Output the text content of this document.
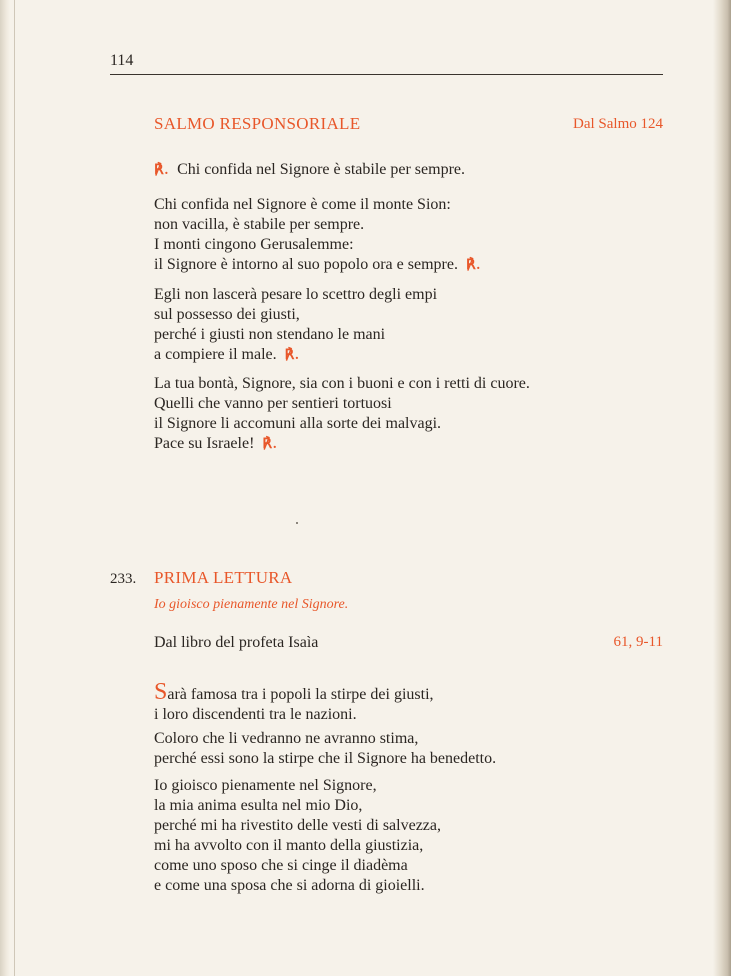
114
SALMO RESPONSORIALE	Dal Salmo 124
℟. Chi confida nel Signore è stabile per sempre.
Chi confida nel Signore è come il monte Sion:
non vacilla, è stabile per sempre.
I monti cingono Gerusalemme:
il Signore è intorno al suo popolo ora e sempre. ℟.
Egli non lascerà pesare lo scettro degli empi
sul possesso dei giusti,
perché i giusti non stendano le mani
a compiere il male. ℟.
La tua bontà, Signore, sia con i buoni e con i retti di cuore.
Quelli che vanno per sentieri tortuosi
il Signore li accomuni alla sorte dei malvagi.
Pace su Israele! ℟.
233. PRIMA LETTURA
Io gioisco pienamente nel Signore.
Dal libro del profeta Isaìa	61, 9-11
Sarà famosa tra i popoli la stirpe dei giusti,
i loro discendenti tra le nazioni.
Coloro che li vedranno ne avranno stima,
perché essi sono la stirpe che il Signore ha benedetto.
Io gioisco pienamente nel Signore,
la mia anima esulta nel mio Dio,
perché mi ha rivestito delle vesti di salvezza,
mi ha avvolto con il manto della giustizia,
come uno sposo che si cinge il diadèma
e come una sposa che si adorna di gioielli.
